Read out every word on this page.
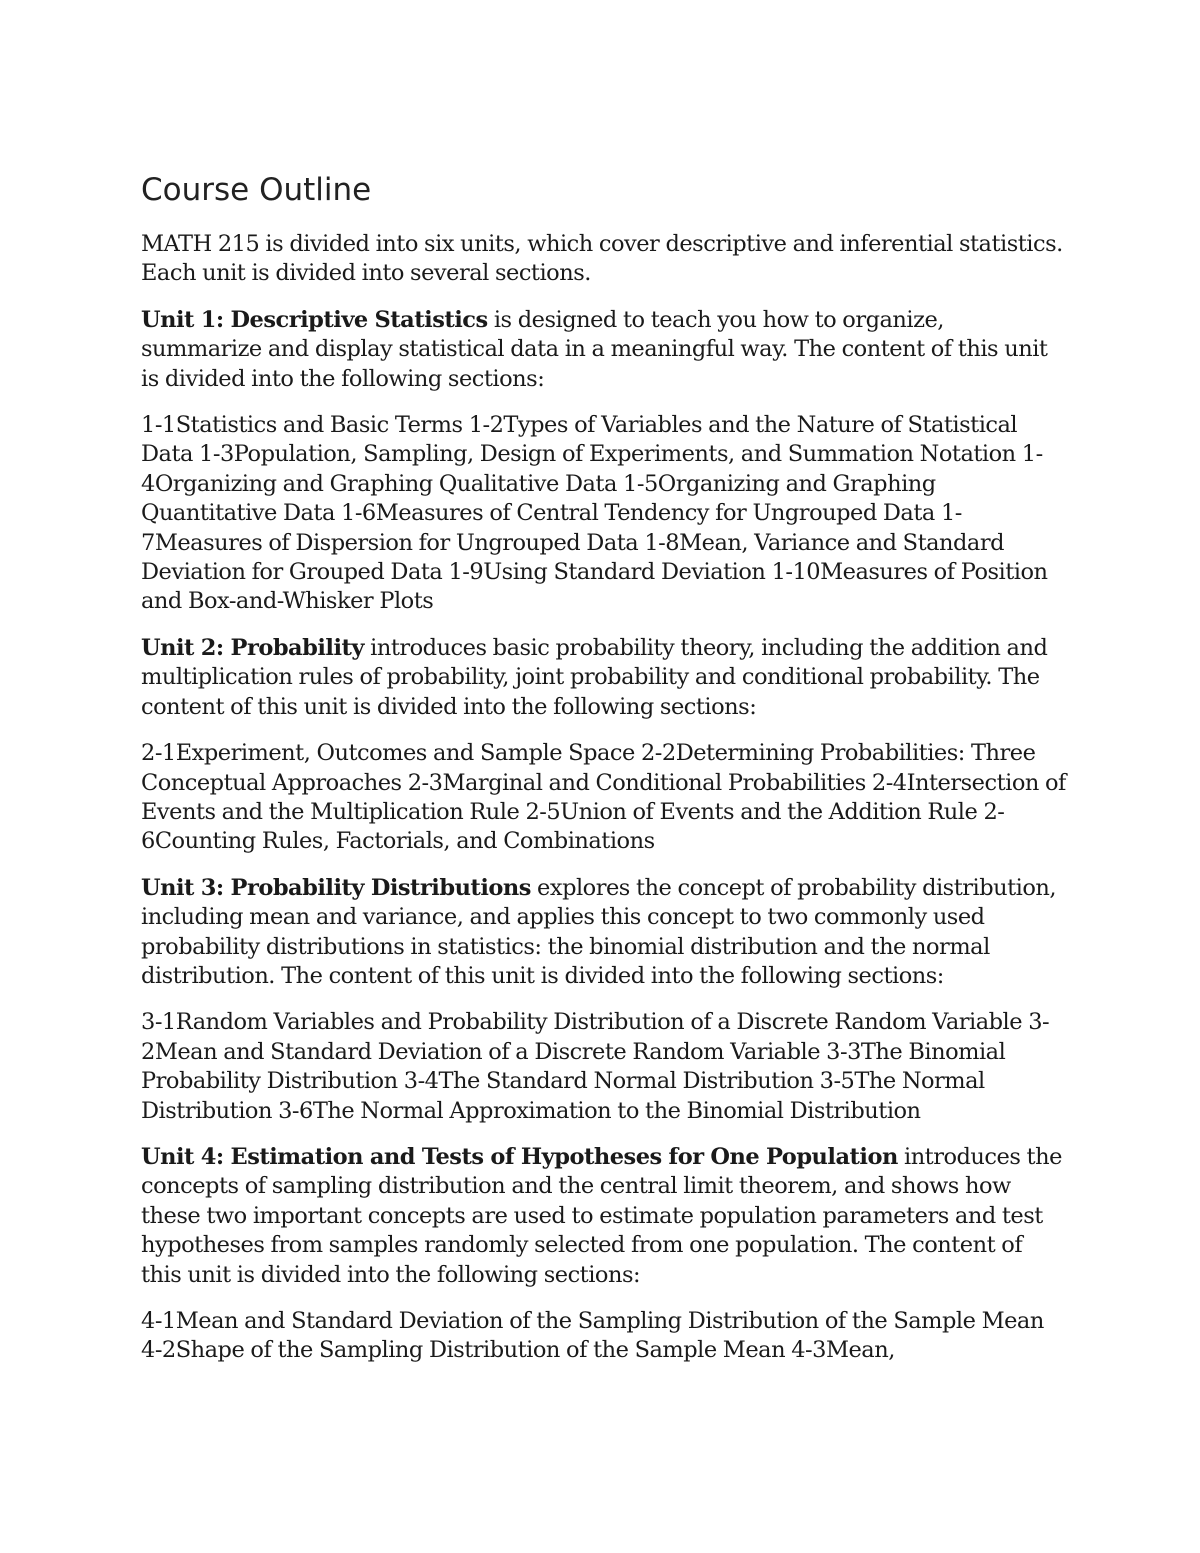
Course Outline

MATH 215 is divided into six units, which cover descriptive and inferential statistics. Each unit is divided into several sections.

Unit 1: Descriptive Statistics is designed to teach you how to organize, summarize and display statistical data in a meaningful way. The content of this unit is divided into the following sections:

1-1Statistics and Basic Terms 1-2Types of Variables and the Nature of Statistical Data 1-3Population, Sampling, Design of Experiments, and Summation Notation 1-4Organizing and Graphing Qualitative Data 1-5Organizing and Graphing Quantitative Data 1-6Measures of Central Tendency for Ungrouped Data 1-7Measures of Dispersion for Ungrouped Data 1-8Mean, Variance and Standard Deviation for Grouped Data 1-9Using Standard Deviation 1-10Measures of Position and Box-and-Whisker Plots

Unit 2: Probability introduces basic probability theory, including the addition and multiplication rules of probability, joint probability and conditional probability. The content of this unit is divided into the following sections:

2-1Experiment, Outcomes and Sample Space 2-2Determining Probabilities: Three Conceptual Approaches 2-3Marginal and Conditional Probabilities 2-4Intersection of Events and the Multiplication Rule 2-5Union of Events and the Addition Rule 2-6Counting Rules, Factorials, and Combinations

Unit 3: Probability Distributions explores the concept of probability distribution, including mean and variance, and applies this concept to two commonly used probability distributions in statistics: the binomial distribution and the normal distribution. The content of this unit is divided into the following sections:

3-1Random Variables and Probability Distribution of a Discrete Random Variable 3-2Mean and Standard Deviation of a Discrete Random Variable 3-3The Binomial Probability Distribution 3-4The Standard Normal Distribution 3-5The Normal Distribution 3-6The Normal Approximation to the Binomial Distribution

Unit 4: Estimation and Tests of Hypotheses for One Population introduces the concepts of sampling distribution and the central limit theorem, and shows how these two important concepts are used to estimate population parameters and test hypotheses from samples randomly selected from one population. The content of this unit is divided into the following sections:

4-1Mean and Standard Deviation of the Sampling Distribution of the Sample Mean 4-2Shape of the Sampling Distribution of the Sample Mean 4-3Mean,
